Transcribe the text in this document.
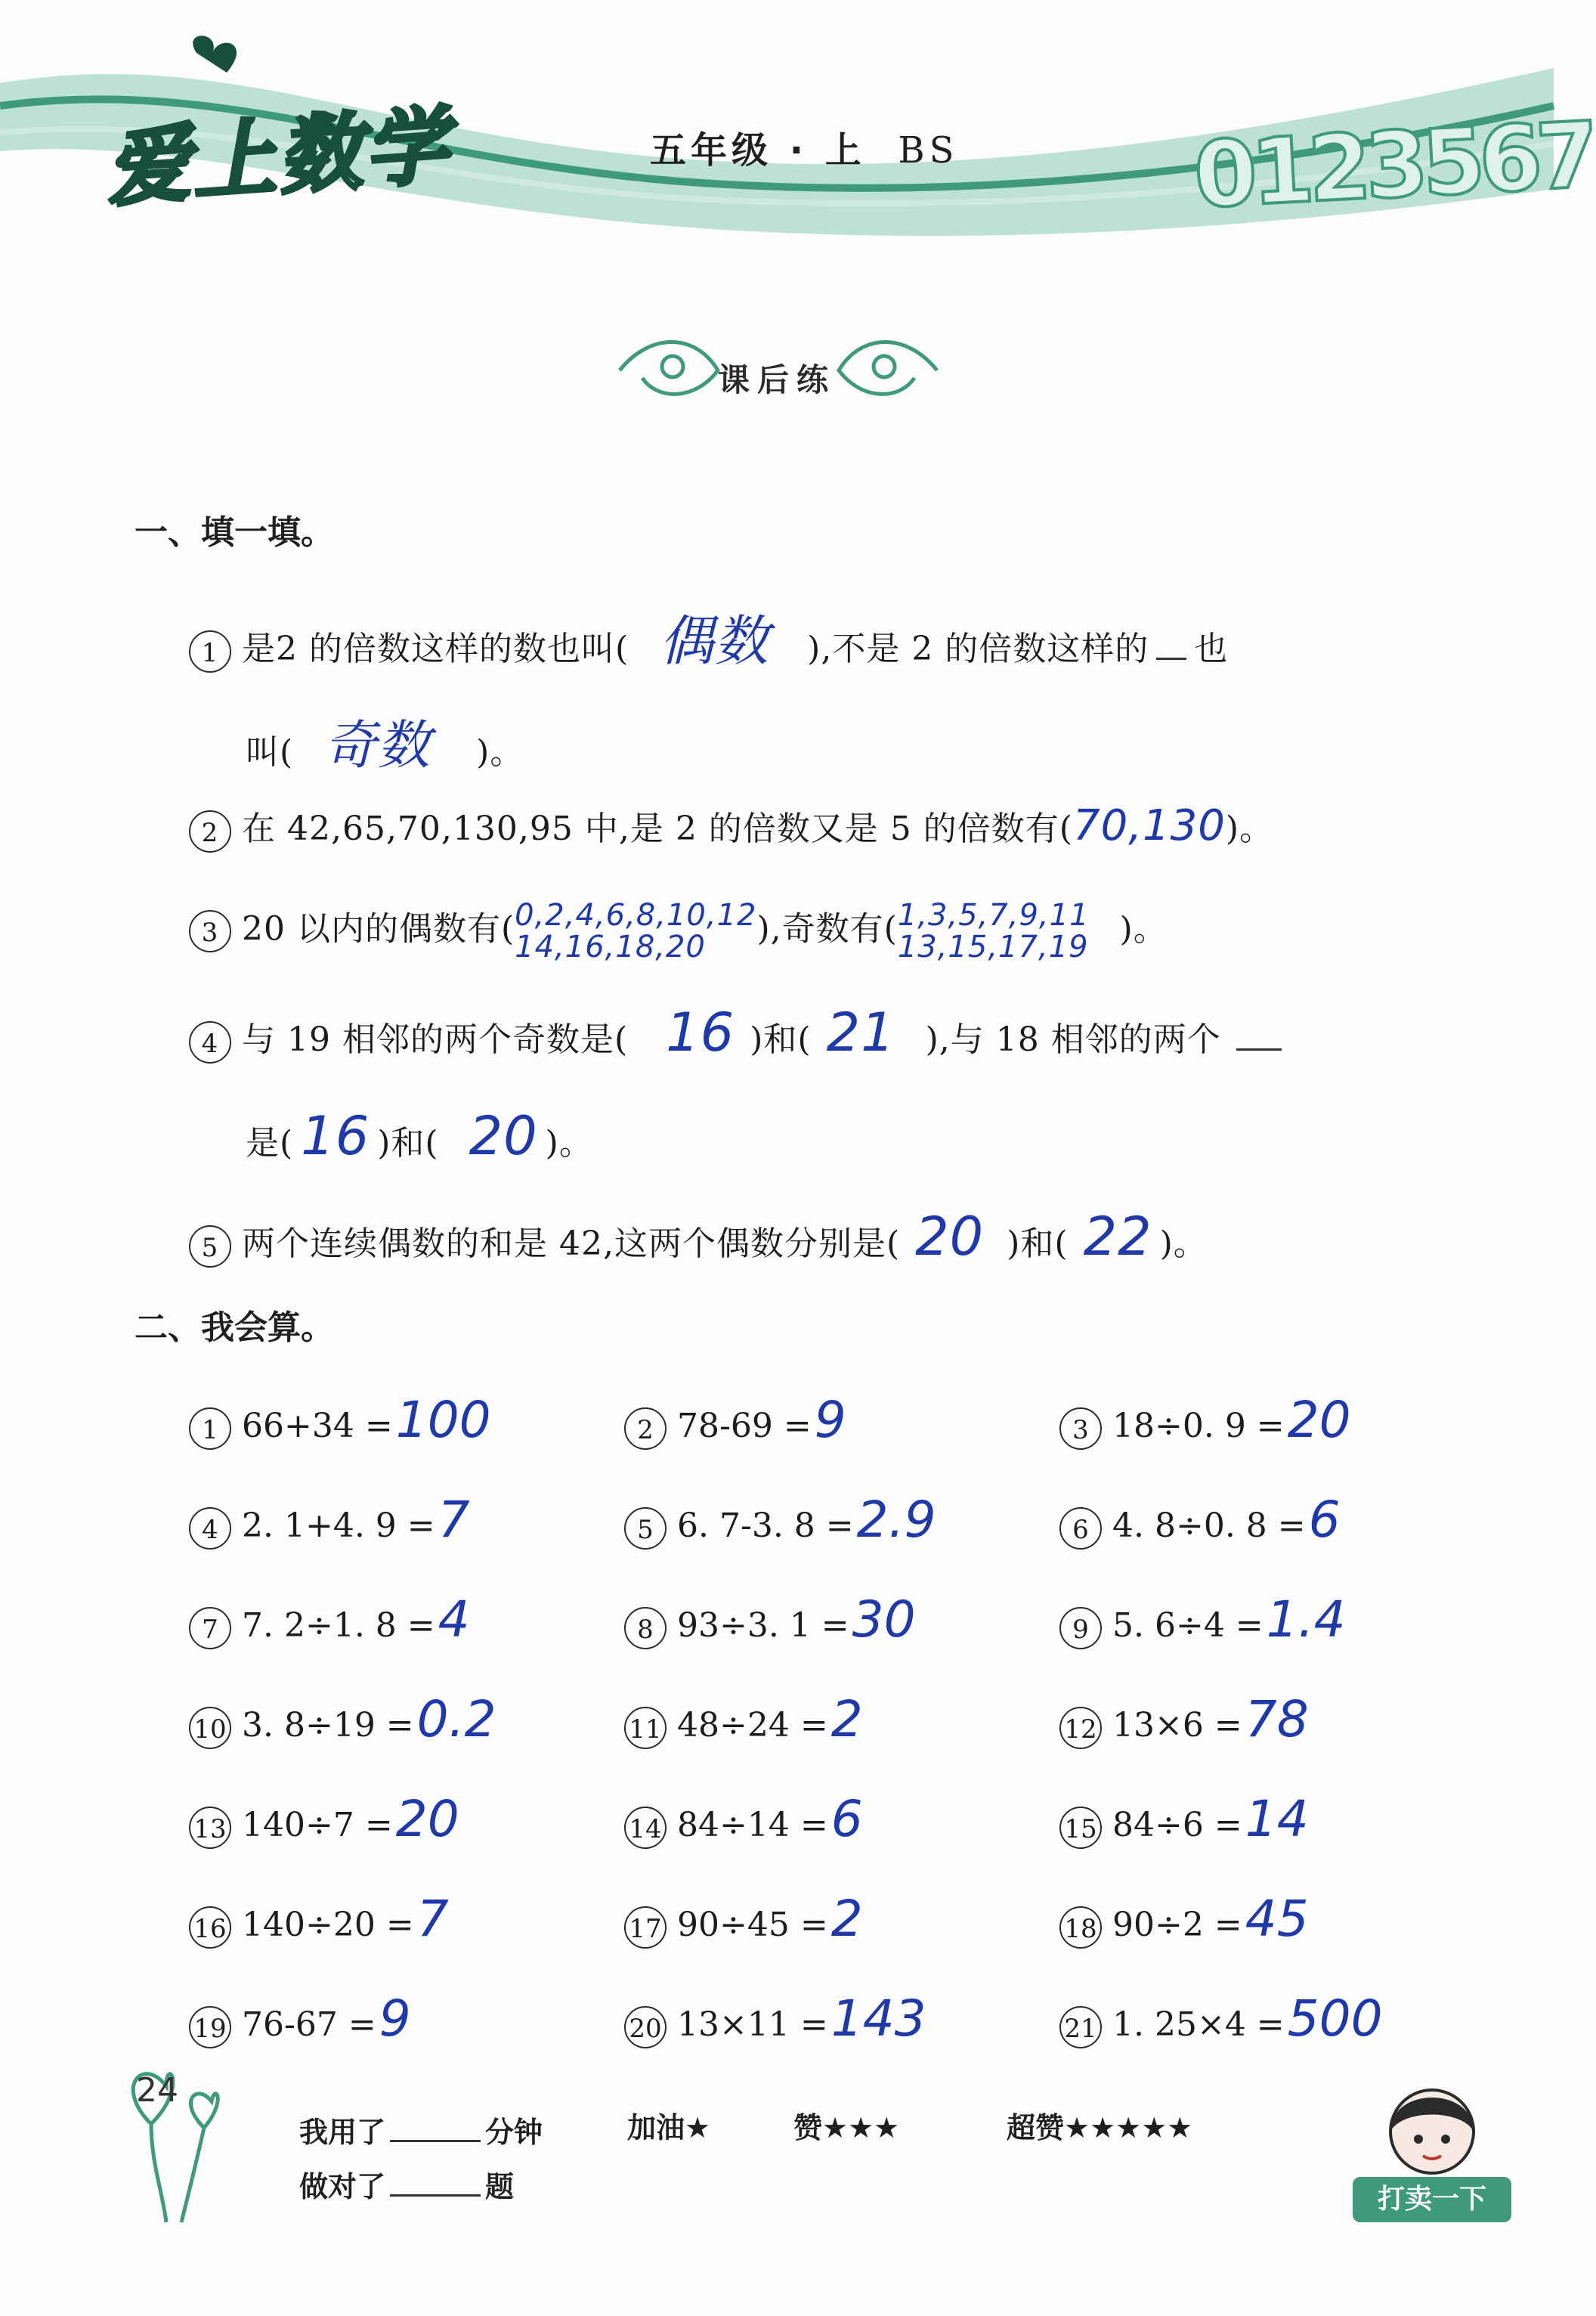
爱上数学	五年级 · 上 BS	0123567
课后练
一、填一填。
1 是2 的倍数这样的数也叫( 偶数 ),不是 2 的倍数这样的 也
叫( 奇数 )。
2 在 42,65,70,130,95 中,是 2 的倍数又是 5 的倍数有(70,130)。
3 20 以内的偶数有( 0,2,4,6,8,10,12
14,16,18,20	),奇数有( 1,3,5,7,9,11
13,15,17,19 )。
4 与 19 相邻的两个奇数是( 16 )和( 21 ),与 18 相邻的两个
是( 16 )和( 20 )。
5 两个连续偶数的和是 42,这两个偶数分别是( 20 )和( 22 )。
二、我会算。
1 66+34 =100	2 78-69 =9	3 18÷0. 9 =20
4 2. 1+4. 9 =7	5 6. 7-3. 8 =2.9	6 4. 8÷0. 8 =6
7 7. 2÷1. 8 =4	8 93÷3. 1 =30	9 5. 6÷4 =1.4
10 3. 8÷19 =0.2	11 48÷24 =2	12 13×6 =78
13 140÷7 =20	14 84÷14 =6	15 84÷6 =14
16 140÷20 =7	17 90÷45 =2	18 90÷2 =45
19 76-67 =9	20 13×11 =143	21 1. 25×4 =500
24
我用了	分钟
做对了	题
加油★	赞★★★	超赞★★★★★
打卖一下
